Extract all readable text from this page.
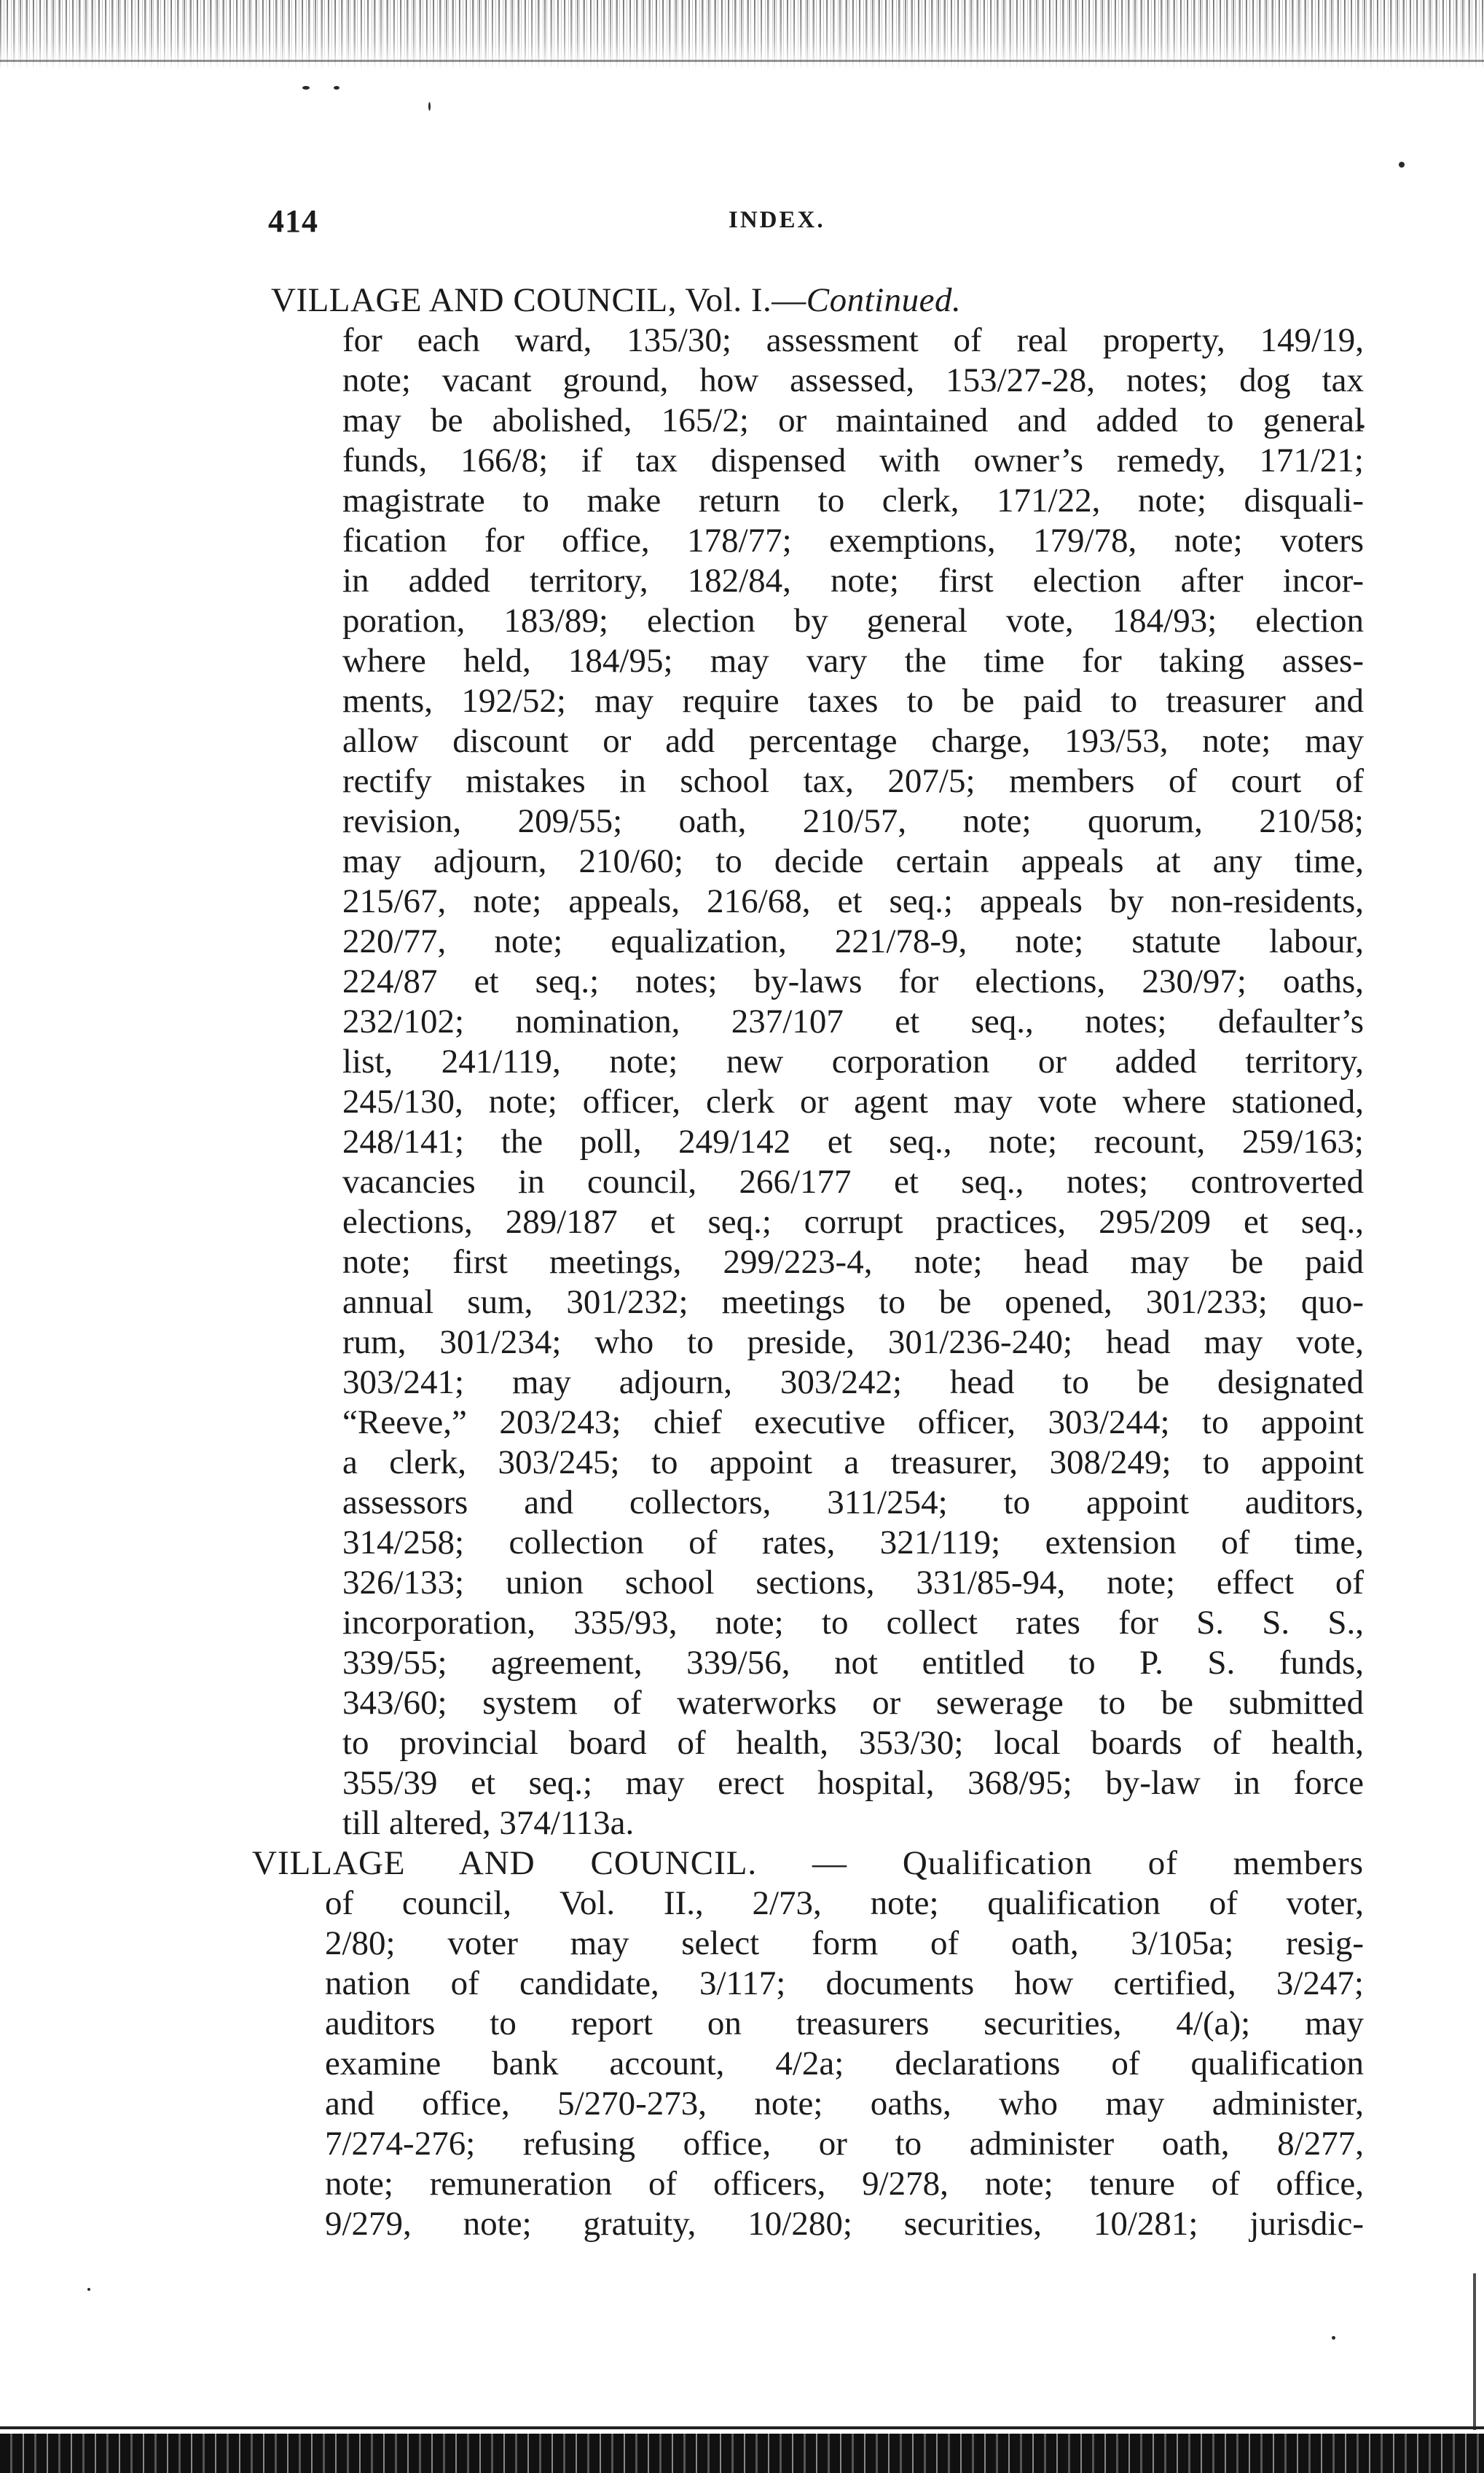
414	INDEX.
VILLAGE AND COUNCIL, Vol. I.—Continued.
for each ward, 135/30; assessment of real property, 149/19,
note; vacant ground, how assessed, 153/27-28, notes; dog tax
may be abolished, 165/2; or maintained and added to general
funds, 166/8; if tax dispensed with owner’s remedy, 171/21;
magistrate to make return to clerk, 171/22, note; disquali-
fication for office, 178/77; exemptions, 179/78, note; voters
in added territory, 182/84, note; first election after incor-
poration, 183/89; election by general vote, 184/93; election
where held, 184/95; may vary the time for taking asses-
ments, 192/52; may require taxes to be paid to treasurer and
allow discount or add percentage charge, 193/53, note; may
rectify mistakes in school tax, 207/5; members of court of
revision, 209/55; oath, 210/57, note; quorum, 210/58;
may adjourn, 210/60; to decide certain appeals at any time,
215/67, note; appeals, 216/68, et seq.; appeals by non-residents,
220/77, note; equalization, 221/78-9, note; statute labour,
224/87 et seq.; notes; by-laws for elections, 230/97; oaths,
232/102; nomination, 237/107 et seq., notes; defaulter’s
list, 241/119, note; new corporation or added territory,
245/130, note; officer, clerk or agent may vote where stationed,
248/141; the poll, 249/142 et seq., note; recount, 259/163;
vacancies in council, 266/177 et seq., notes; controverted
elections, 289/187 et seq.; corrupt practices, 295/209 et seq.,
note; first meetings, 299/223-4, note; head may be paid
annual sum, 301/232; meetings to be opened, 301/233; quo-
rum, 301/234; who to preside, 301/236-240; head may vote,
303/241; may adjourn, 303/242; head to be designated
“Reeve,” 203/243; chief executive officer, 303/244; to appoint
a clerk, 303/245; to appoint a treasurer, 308/249; to appoint
assessors and collectors, 311/254; to appoint auditors,
314/258; collection of rates, 321/119; extension of time,
326/133; union school sections, 331/85-94, note; effect of
incorporation, 335/93, note; to collect rates for S. S. S.,
339/55; agreement, 339/56, not entitled to P. S. funds,
343/60; system of waterworks or sewerage to be submitted
to provincial board of health, 353/30; local boards of health,
355/39 et seq.; may erect hospital, 368/95; by-law in force
till altered, 374/113a.
VILLAGE AND COUNCIL. — Qualification of members
of council, Vol. II., 2/73, note; qualification of voter,
2/80; voter may select form of oath, 3/105a; resig-
nation of candidate, 3/117; documents how certified, 3/247;
auditors to report on treasurers securities, 4/(a); may
examine bank account, 4/2a; declarations of qualification
and office, 5/270-273, note; oaths, who may administer,
7/274-276; refusing office, or to administer oath, 8/277,
note; remuneration of officers, 9/278, note; tenure of office,
9/279, note; gratuity, 10/280; securities, 10/281; jurisdic-
